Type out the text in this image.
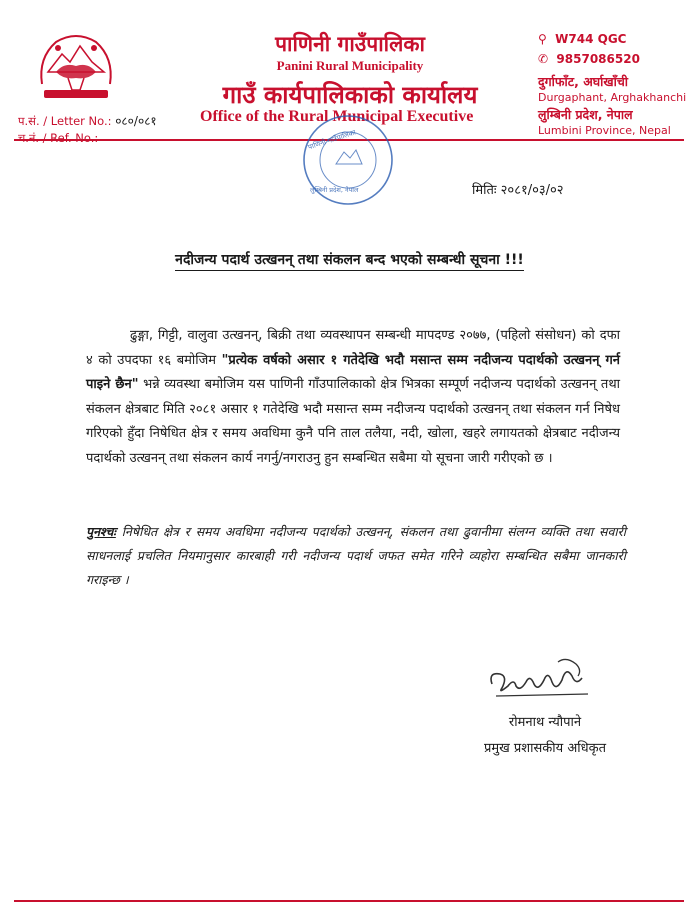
पाणिनी गाउँपालिका
Panini Rural Municipality
गाउँ कार्यपालिकाको कार्यालय
Office of the Rural Municipal Executive
⚲ W744 QGC
✆ 9857086520
दुर्गाफाँट, अर्घाखाँची
Durgaphant, Arghakhanchi
लुम्बिनी प्रदेश, नेपाल
Lumbini Province, Nepal
प.सं. / Letter No.: ०८०/०८१
च.नं. / Ref. No.:	पाणिनी गाउँपालिका
लुम्बिनी प्रदेश, नेपाल	मितिः २०८१/०३/०२
नदीजन्य पदार्थ उत्खनन् तथा संकलन बन्द भएको सम्बन्धी सूचना !!!

ढुङ्गा, गिट्टी, वालुवा उत्खनन्, बिक्री तथा व्यवस्थापन सम्बन्धी मापदण्ड २०७७, (पहिलो संसोधन) को दफा ४ को उपदफा १६ बमोजिम "प्रत्येक वर्षको असार १ गतेदेखि भदौ मसान्त सम्म नदीजन्य पदार्थको उत्खनन् गर्न पाइने छैन" भन्ने व्यवस्था बमोजिम यस पाणिनी गाँउपालिकाको क्षेत्र भित्रका सम्पूर्ण नदीजन्य पदार्थको उत्खनन् तथा संकलन क्षेत्रबाट मिति २०८१ असार १ गतेदेखि भदौ मसान्त सम्म नदीजन्य पदार्थको उत्खनन् तथा संकलन गर्न निषेध गरिएको हुँदा निषेधित क्षेत्र र समय अवधिमा कुनै पनि ताल तलैया, नदी, खोला, खहरे लगायतको क्षेत्रबाट नदीजन्य पदार्थको उत्खनन् तथा संकलन कार्य नगर्नु/नगराउनु हुन सम्बन्धित सबैमा यो सूचना जारी गरीएको छ ।

पुनश्चः निषेधित क्षेत्र र समय अवधिमा नदीजन्य पदार्थको उत्खनन्, संकलन तथा ढुवानीमा संलग्न व्यक्ति तथा सवारी साधनलाई प्रचलित नियमानुसार कारबाही गरी नदीजन्य पदार्थ जफत समेत गरिने व्यहोरा सम्बन्धित सबैमा जानकारी गराइन्छ ।
रोमनाथ न्यौपाने
प्रमुख प्रशासकीय अधिकृत
